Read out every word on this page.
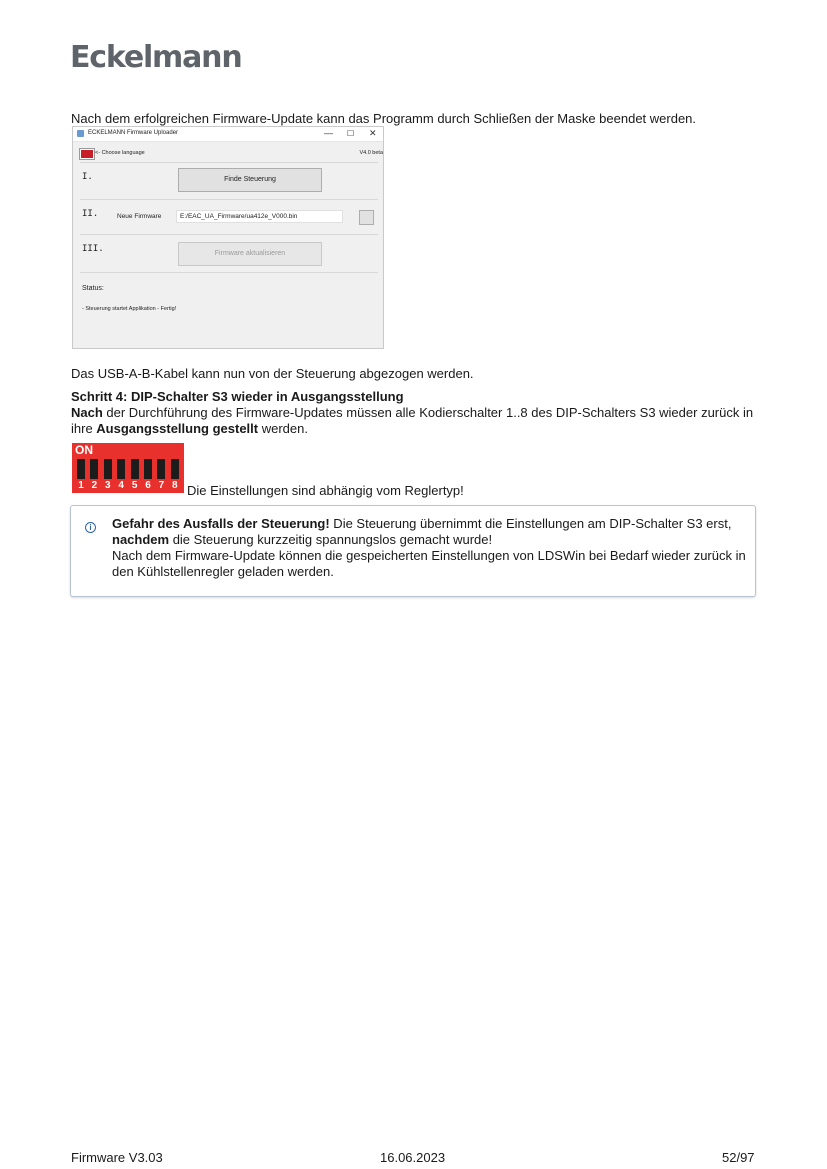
Eckelmann
Nach dem erfolgreichen Firmware-Update kann das Programm durch Schließen der Maske beendet werden.
ECKELMANN Firmware Uploader	— ☐ ✕
<- Choose language	V4.0 beta
I.	Finde Steuerung
II.	Neue Firmware	E:/EAC_UA_Firmware/ua412e_V000.bin
III.	Firmware aktualisieren
Status:
- Steuerung startet Applikation - Fertig!
Das USB-A-B-Kabel kann nun von der Steuerung abgezogen werden.
Schritt 4: DIP-Schalter S3 wieder in Ausgangsstellung
Nach der Durchführung des Firmware-Updates müssen alle Kodierschalter 1..8 des DIP-Schalters S3 wieder zurück in ihre Ausgangsstellung gestellt werden.
ON
1 2 3 4 5 6 7 8 Die Einstellungen sind abhängig vom Reglertyp!
i	Gefahr des Ausfalls der Steuerung! Die Steuerung übernimmt die Einstellungen am DIP-Schalter S3 erst, nachdem die Steuerung kurzzeitig spannungslos gemacht wurde!
Nach dem Firmware-Update können die gespeicherten Einstellungen von LDSWin bei Bedarf wieder zurück in den Kühlstellenregler geladen werden.
Firmware V3.03	16.06.2023	52/97
